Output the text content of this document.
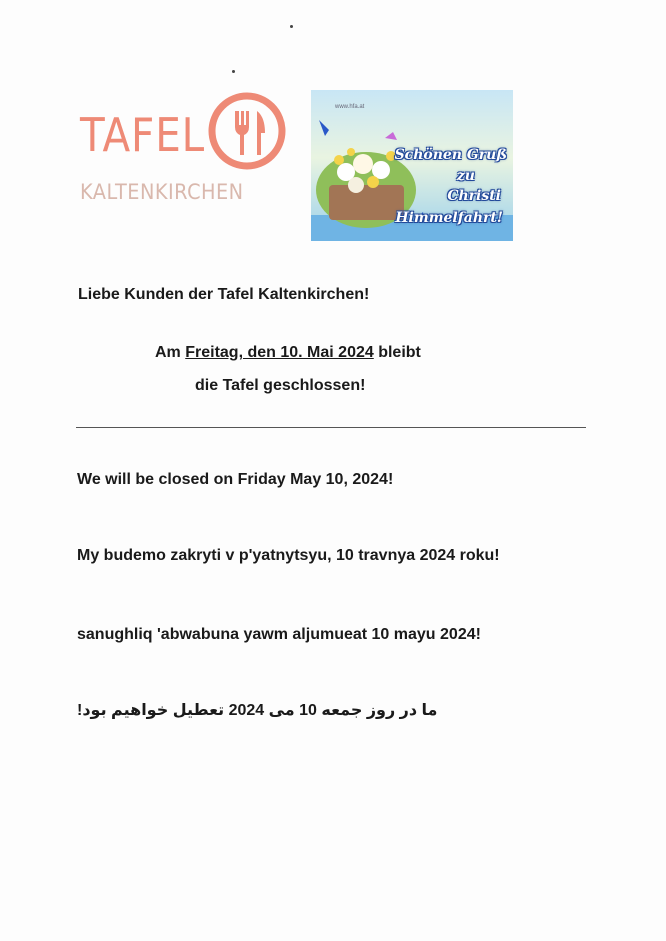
TAFEL
KALTENKIRCHEN
www.hfa.at
Schönen Gruß
zu
Christi
Himmelfahrt!
Liebe Kunden der Tafel Kaltenkirchen!
Am Freitag, den 10. Mai 2024 bleibt
die Tafel geschlossen!
We will be closed on Friday May 10, 2024!
My budemo zakryti v p'yatnytsyu, 10 travnya 2024 roku!
sanughliq 'abwabuna yawm aljumueat 10 mayu 2024!
ما در روز جمعه 10 می 2024 تعطیل خواهیم بود!
